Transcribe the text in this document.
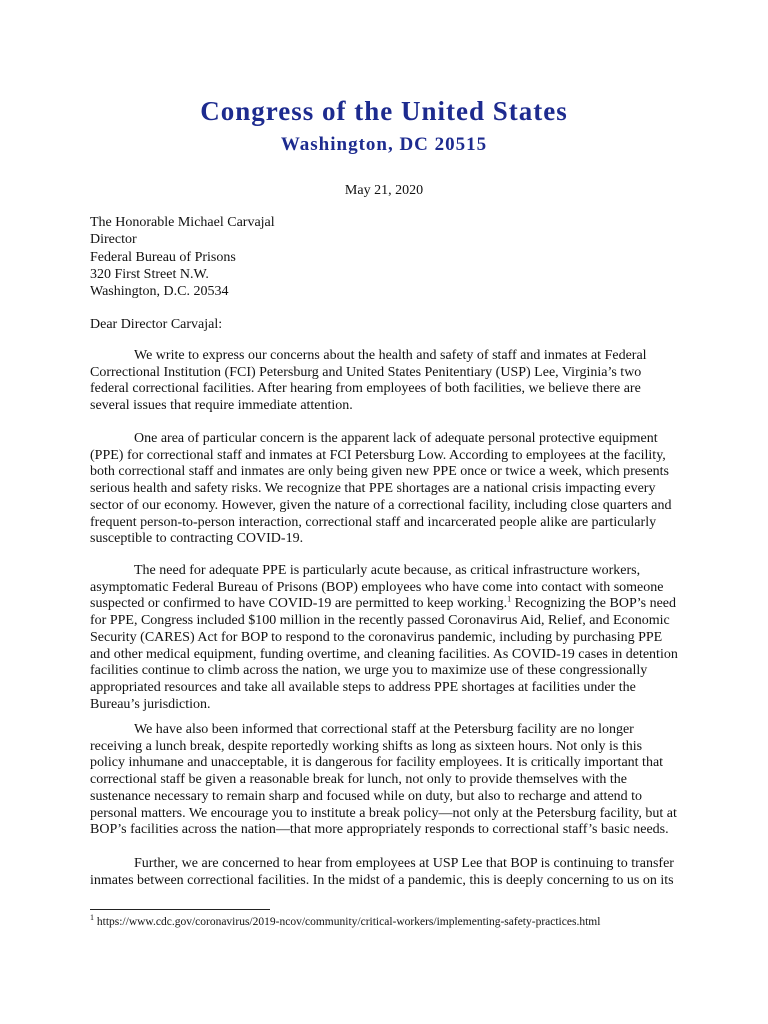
Congress of the United States
Washington, DC 20515
May 21, 2020
The Honorable Michael Carvajal
Director
Federal Bureau of Prisons
320 First Street N.W.
Washington, D.C. 20534
Dear Director Carvajal:

We write to express our concerns about the health and safety of staff and inmates at Federal Correctional Institution (FCI) Petersburg and United States Penitentiary (USP) Lee, Virginia’s two federal correctional facilities. After hearing from employees of both facilities, we believe there are several issues that require immediate attention.

One area of particular concern is the apparent lack of adequate personal protective equipment (PPE) for correctional staff and inmates at FCI Petersburg Low. According to employees at the facility, both correctional staff and inmates are only being given new PPE once or twice a week, which presents serious health and safety risks. We recognize that PPE shortages are a national crisis impacting every sector of our economy. However, given the nature of a correctional facility, including close quarters and frequent person-to-person interaction, correctional staff and incarcerated people alike are particularly susceptible to contracting COVID-19.

The need for adequate PPE is particularly acute because, as critical infrastructure workers, asymptomatic Federal Bureau of Prisons (BOP) employees who have come into contact with someone suspected or confirmed to have COVID-19 are permitted to keep working.$^1$ Recognizing the BOP’s need for PPE, Congress included $100 million in the recently passed Coronavirus Aid, Relief, and Economic Security (CARES) Act for BOP to respond to the coronavirus pandemic, including by purchasing PPE and other medical equipment, funding overtime, and cleaning facilities. As COVID-19 cases in detention facilities continue to climb across the nation, we urge you to maximize use of these congressionally appropriated resources and take all available steps to address PPE shortages at facilities under the Bureau’s jurisdiction.

We have also been informed that correctional staff at the Petersburg facility are no longer receiving a lunch break, despite reportedly working shifts as long as sixteen hours. Not only is this policy inhumane and unacceptable, it is dangerous for facility employees. It is critically important that correctional staff be given a reasonable break for lunch, not only to provide themselves with the sustenance necessary to remain sharp and focused while on duty, but also to recharge and attend to personal matters. We encourage you to institute a break policy—not only at the Petersburg facility, but at BOP’s facilities across the nation—that more appropriately responds to correctional staff’s basic needs.

Further, we are concerned to hear from employees at USP Lee that BOP is continuing to transfer inmates between correctional facilities. In the midst of a pandemic, this is deeply concerning to us on its

$^1$ https://www.cdc.gov/coronavirus/2019-ncov/community/critical-workers/implementing-safety-practices.html
